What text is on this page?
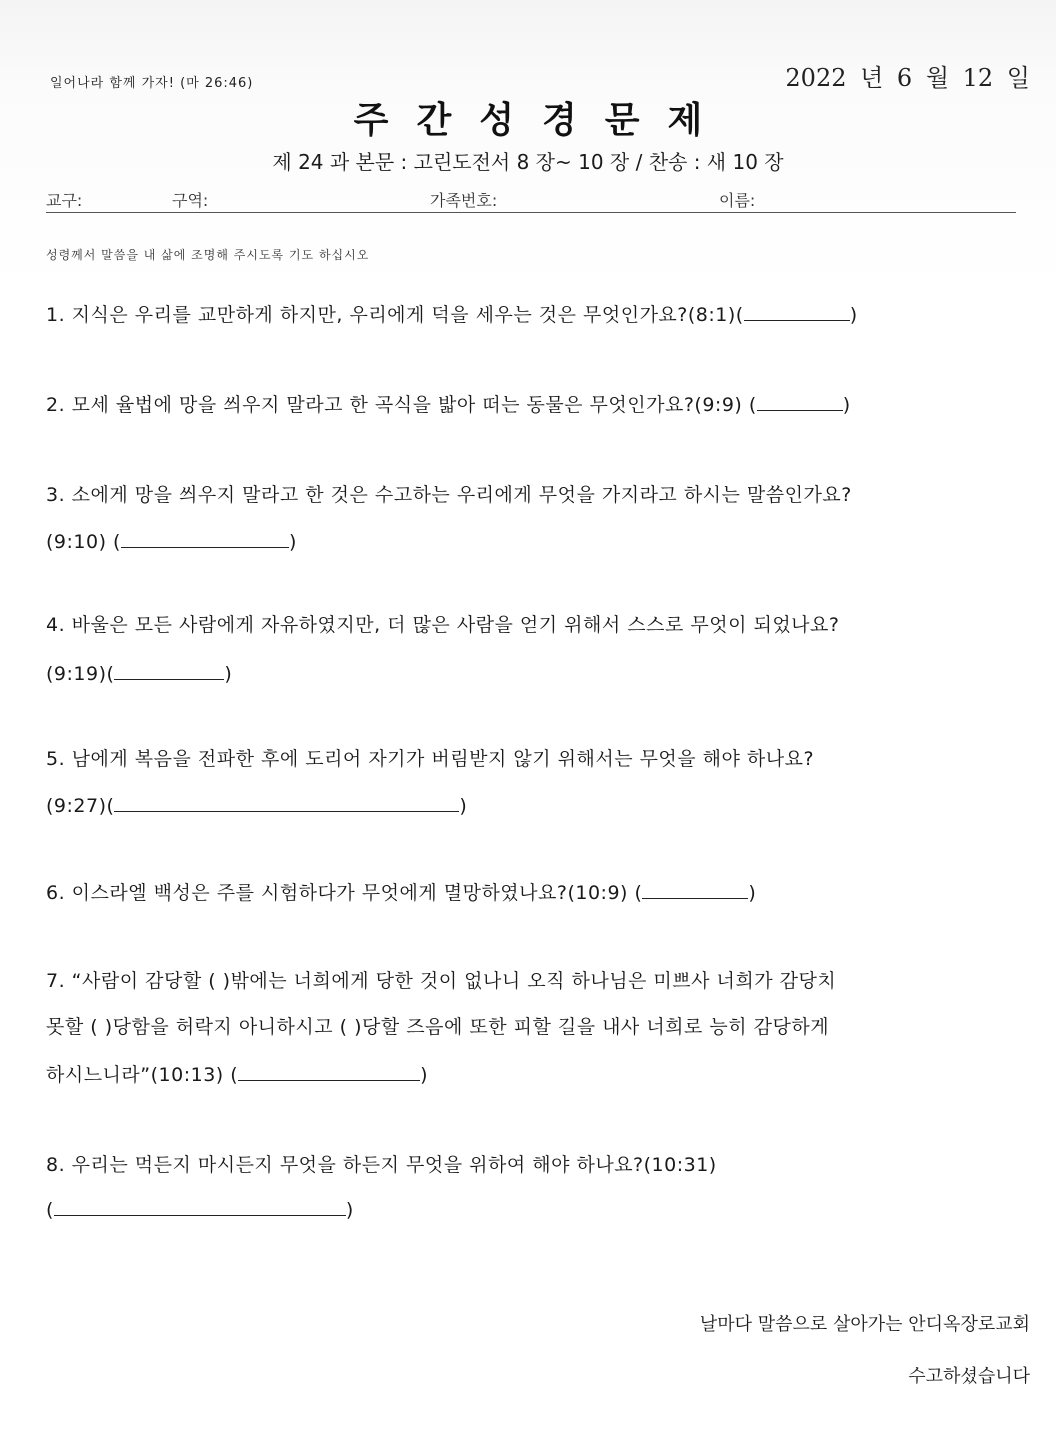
일어나라 함께 가자! (마 26:46)	2022 년 6 월 12 일
주간성경문제
제 24 과 본문 : 고린도전서 8 장~ 10 장 / 찬송 : 새 10 장
교구:	구역:	가족번호:	이름:
성령께서 말씀을 내 삶에 조명해 주시도록 기도 하십시오
1. 지식은 우리를 교만하게 하지만, 우리에게 덕을 세우는 것은 무엇인가요?(8:1)(	)
2. 모세 율법에 망을 씌우지 말라고 한 곡식을 밟아 떠는 동물은 무엇인가요?(9:9) (	)
3. 소에게 망을 씌우지 말라고 한 것은 수고하는 우리에게 무엇을 가지라고 하시는 말씀인가요?
(9:10) (	)
4. 바울은 모든 사람에게 자유하였지만, 더 많은 사람을 얻기 위해서 스스로 무엇이 되었나요?
(9:19)(	)
5. 남에게 복음을 전파한 후에 도리어 자기가 버림받지 않기 위해서는 무엇을 해야 하나요?
(9:27)(	)
6. 이스라엘 백성은 주를 시험하다가 무엇에게 멸망하였나요?(10:9) (	)
7. “사람이 감당할 ( )밖에는 너희에게 당한 것이 없나니 오직 하나님은 미쁘사 너희가 감당치
못할 ( )당함을 허락지 아니하시고 ( )당할 즈음에 또한 피할 길을 내사 너희로 능히 감당하게
하시느니라”(10:13) (	)
8. 우리는 먹든지 마시든지 무엇을 하든지 무엇을 위하여 해야 하나요?(10:31)
(	)
날마다 말씀으로 살아가는 안디옥장로교회
수고하셨습니다
